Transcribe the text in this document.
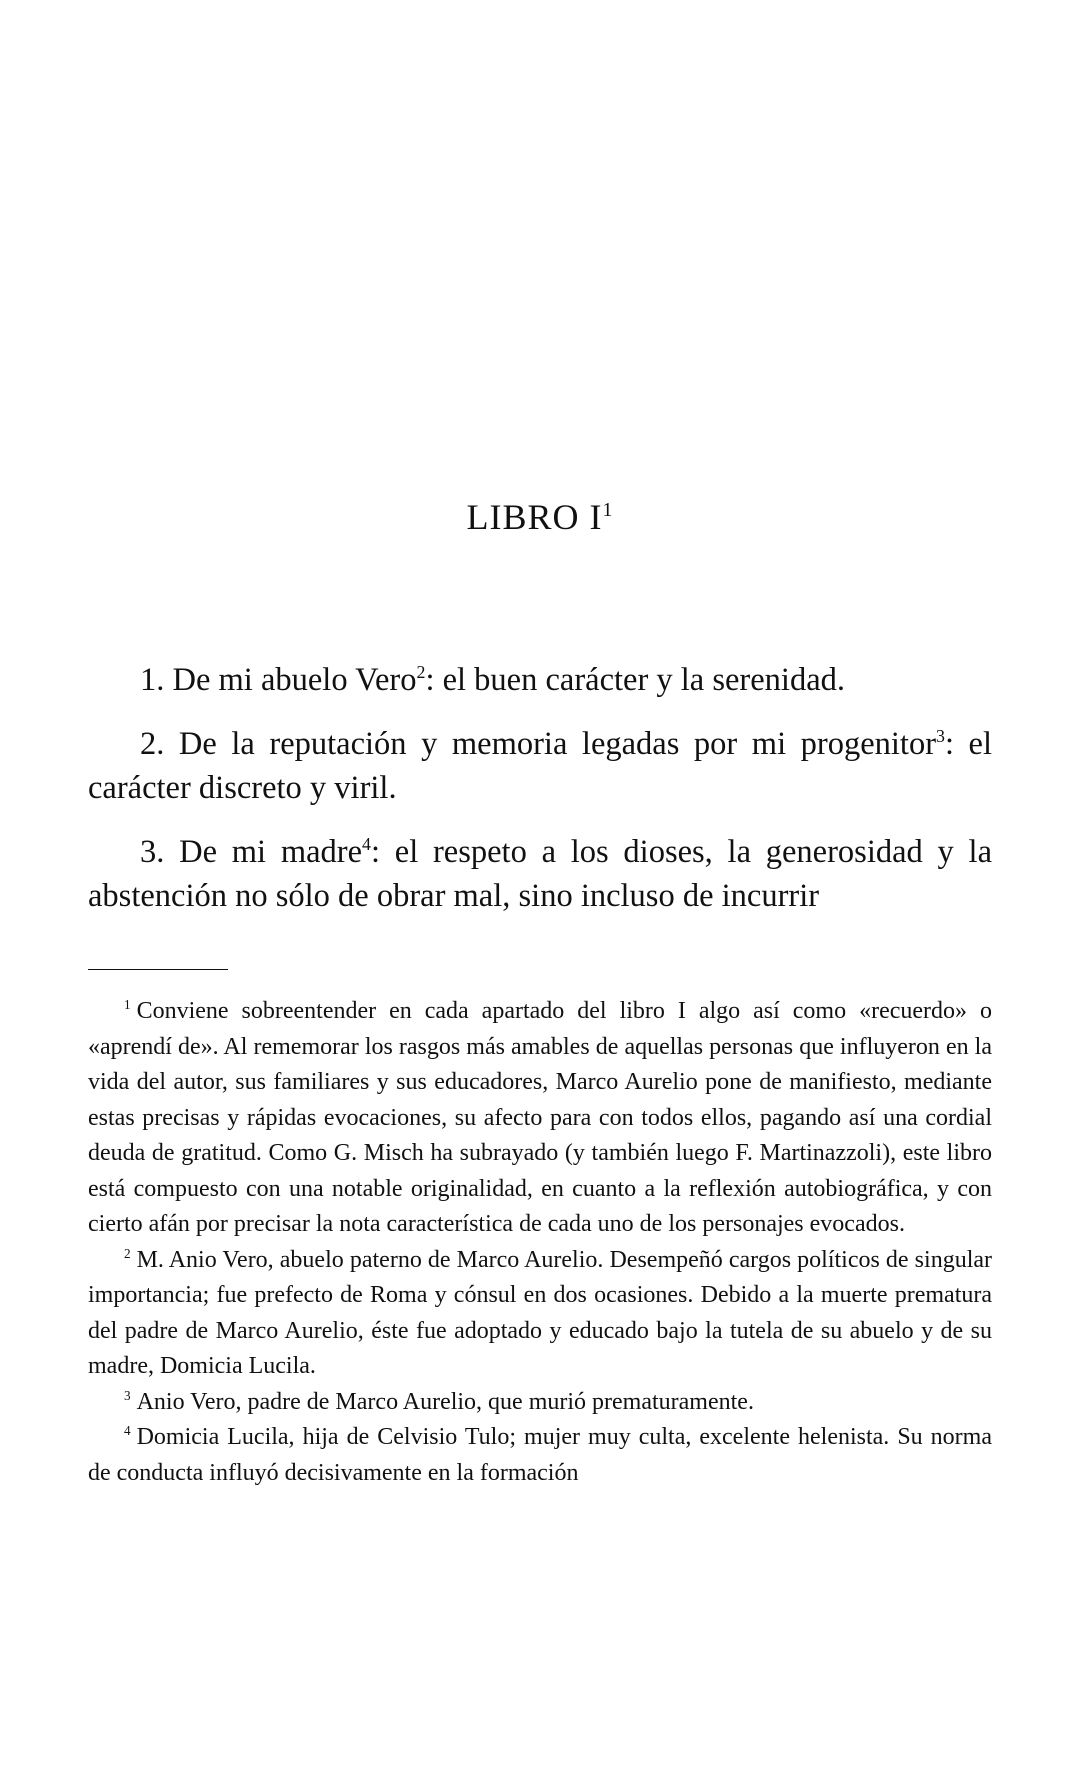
LIBRO $I^1$

1. De mi abuelo Vero$^2$: el buen carácter y la serenidad.

2. De la reputación y memoria legadas por mi progenitor$^3$: el carácter discreto y viril.

3. De mi madre$^4$: el respeto a los dioses, la generosidad y la abstención no sólo de obrar mal, sino incluso de incurrir

$^1$ Conviene sobreentender en cada apartado del libro I algo así como «recuerdo» o «aprendí de». Al rememorar los rasgos más amables de aquellas personas que influyeron en la vida del autor, sus familiares y sus educadores, Marco Aurelio pone de manifiesto, mediante estas precisas y rápidas evocaciones, su afecto para con todos ellos, pagando así una cordial deuda de gratitud. Como G. Misch ha subrayado (y también luego F. Martinazzoli), este libro está compuesto con una notable originalidad, en cuanto a la reflexión autobiográfica, y con cierto afán por precisar la nota característica de cada uno de los personajes evocados.

$^2$ M. Anio Vero, abuelo paterno de Marco Aurelio. Desempeñó cargos políticos de singular importancia; fue prefecto de Roma y cónsul en dos ocasiones. Debido a la muerte prematura del padre de Marco Aurelio, éste fue adoptado y educado bajo la tutela de su abuelo y de su madre, Domicia Lucila.

$^3$ Anio Vero, padre de Marco Aurelio, que murió prematuramente.

$^4$ Domicia Lucila, hija de Celvisio Tulo; mujer muy culta, excelente helenista. Su norma de conducta influyó decisivamente en la formación
